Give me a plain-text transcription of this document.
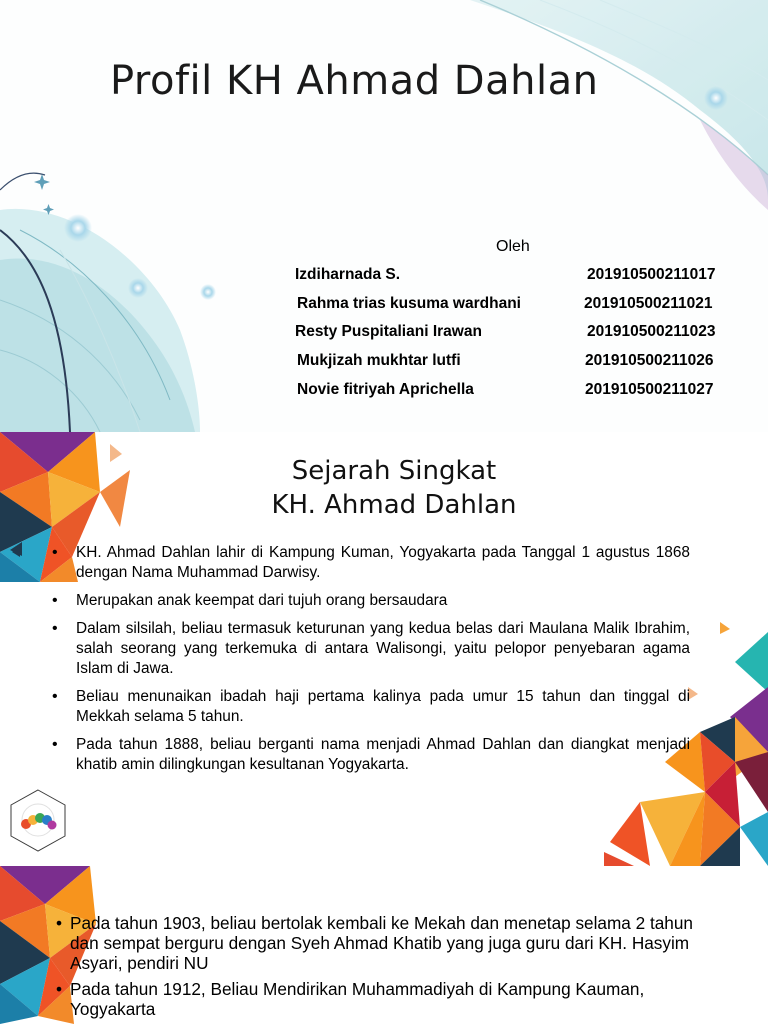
Profil KH Ahmad Dahlan
Oleh
Izdiharnada S.	201910500211017
Rahma trias kusuma wardhani	201910500211021
Resty Puspitaliani Irawan	201910500211023
Mukjizah mukhtar lutfi	201910500211026
Novie fitriyah Aprichella	201910500211027
Sejarah Singkat
KH. Ahmad Dahlan
• KH. Ahmad Dahlan lahir di Kampung Kuman, Yogyakarta pada Tanggal 1 agustus 1868 dengan Nama Muhammad Darwisy.
• Merupakan anak keempat dari tujuh orang bersaudara
• Dalam silsilah, beliau termasuk keturunan yang kedua belas dari Maulana Malik Ibrahim, salah seorang yang terkemuka di antara Walisongi, yaitu pelopor penyebaran agama Islam di Jawa.
• Beliau menunaikan ibadah haji pertama kalinya pada umur 15 tahun dan tinggal di Mekkah selama 5 tahun.
• Pada tahun 1888, beliau berganti nama menjadi Ahmad Dahlan dan diangkat menjadi khatib amin dilingkungan kesultanan Yogyakarta.
• Pada tahun 1903, beliau bertolak kembali ke Mekah dan menetap selama 2 tahun dan sempat berguru dengan Syeh Ahmad Khatib yang juga guru dari KH. Hasyim Asyari, pendiri NU
• Pada tahun 1912, Beliau Mendirikan Muhammadiyah di Kampung Kauman, Yogyakarta
